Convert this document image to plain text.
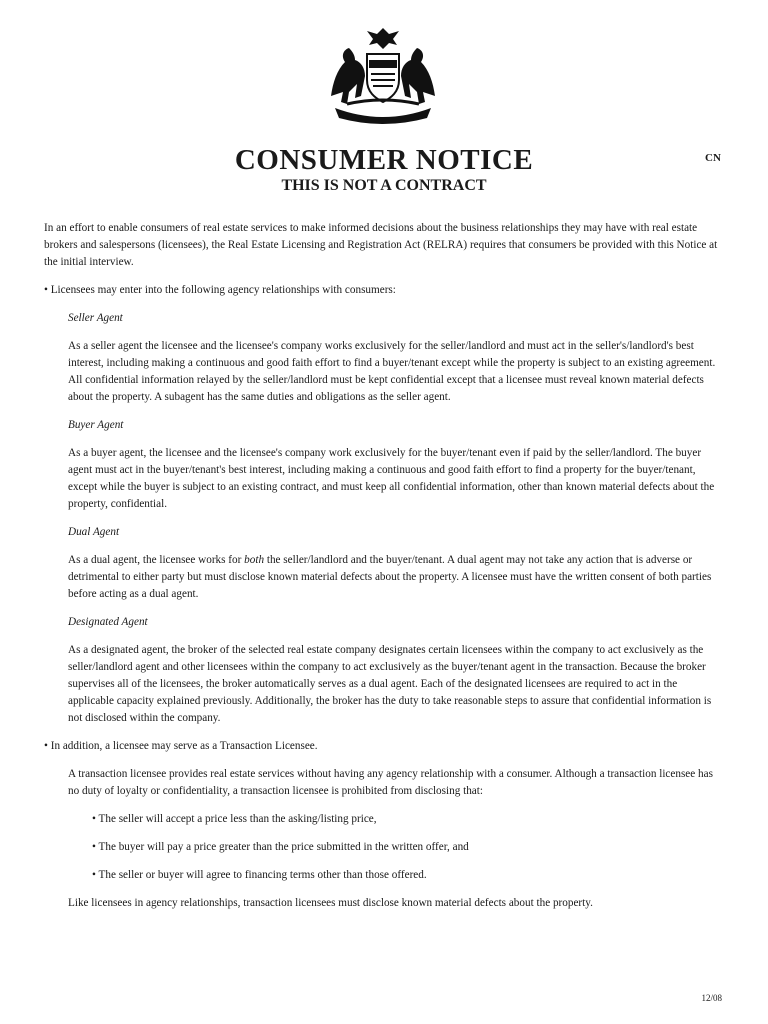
CONSUMER NOTICE
THIS IS NOT A CONTRACT
CN

In an effort to enable consumers of real estate services to make informed decisions about the business relationships they may have with real estate brokers and salespersons (licensees), the Real Estate Licensing and Registration Act (RELRA) requires that consumers be provided with this Notice at the initial interview.

• Licensees may enter into the following agency relationships with consumers:

Seller Agent

As a seller agent the licensee and the licensee's company works exclusively for the seller/landlord and must act in the seller's/landlord's best interest, including making a continuous and good faith effort to find a buyer/tenant except while the property is subject to an existing agreement. All confidential information relayed by the seller/landlord must be kept confidential except that a licensee must reveal known material defects about the property. A subagent has the same duties and obligations as the seller agent.

Buyer Agent

As a buyer agent, the licensee and the licensee's company work exclusively for the buyer/tenant even if paid by the seller/landlord. The buyer agent must act in the buyer/tenant's best interest, including making a continuous and good faith effort to find a property for the buyer/tenant, except while the buyer is subject to an existing contract, and must keep all confidential information, other than known material defects about the property, confidential.

Dual Agent

As a dual agent, the licensee works for both the seller/landlord and the buyer/tenant. A dual agent may not take any action that is adverse or detrimental to either party but must disclose known material defects about the property. A licensee must have the written consent of both parties before acting as a dual agent.

Designated Agent

As a designated agent, the broker of the selected real estate company designates certain licensees within the company to act exclusively as the seller/landlord agent and other licensees within the company to act exclusively as the buyer/tenant agent in the transaction. Because the broker supervises all of the licensees, the broker automatically serves as a dual agent. Each of the designated licensees are required to act in the applicable capacity explained previously. Additionally, the broker has the duty to take reasonable steps to assure that confidential information is not disclosed within the company.

• In addition, a licensee may serve as a Transaction Licensee.

A transaction licensee provides real estate services without having any agency relationship with a consumer. Although a transaction licensee has no duty of loyalty or confidentiality, a transaction licensee is prohibited from disclosing that:

• The seller will accept a price less than the asking/listing price,

• The buyer will pay a price greater than the price submitted in the written offer, and

• The seller or buyer will agree to financing terms other than those offered.

Like licensees in agency relationships, transaction licensees must disclose known material defects about the property.

12/08
